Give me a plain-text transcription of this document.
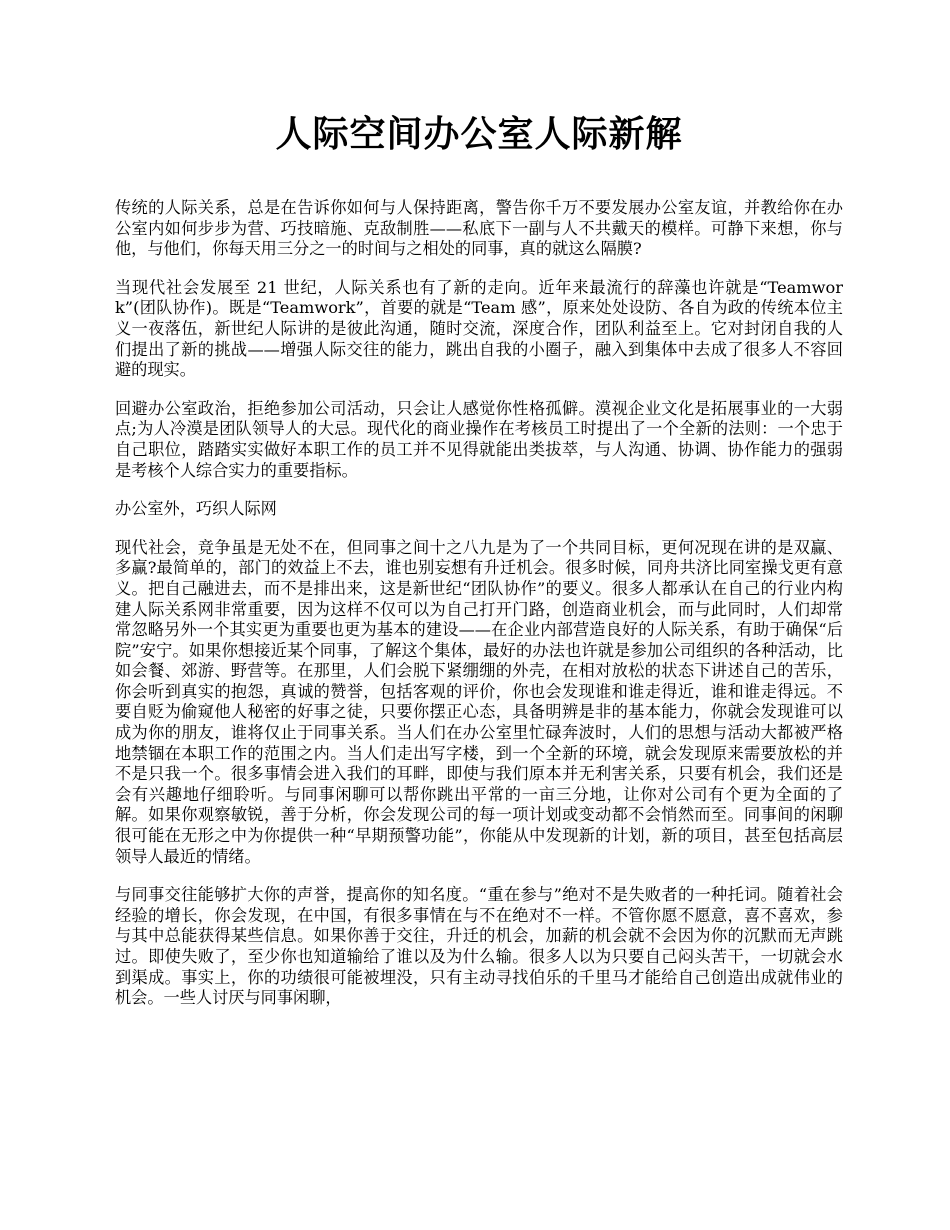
人际空间办公室人际新解

传统的人际关系，总是在告诉你如何与人保持距离，警告你千万不要发展办公室友谊，并教给你在办公室内如何步步为营、巧技暗施、克敌制胜——私底下一副与人不共戴天的模样。可静下来想，你与他，与他们，你每天用三分之一的时间与之相处的同事，真的就这么隔膜?

当现代社会发展至 21 世纪，人际关系也有了新的走向。近年来最流行的辞藻也许就是“Teamwork”(团队协作)。既是“Teamwork”，首要的就是“Team 感”，原来处处设防、各自为政的传统本位主义一夜落伍，新世纪人际讲的是彼此沟通，随时交流，深度合作，团队利益至上。它对封闭自我的人们提出了新的挑战——增强人际交往的能力，跳出自我的小圈子，融入到集体中去成了很多人不容回避的现实。

回避办公室政治，拒绝参加公司活动，只会让人感觉你性格孤僻。漠视企业文化是拓展事业的一大弱点;为人冷漠是团队领导人的大忌。现代化的商业操作在考核员工时提出了一个全新的法则：一个忠于自己职位，踏踏实实做好本职工作的员工并不见得就能出类拔萃，与人沟通、协调、协作能力的强弱是考核个人综合实力的重要指标。

办公室外，巧织人际网

现代社会，竞争虽是无处不在，但同事之间十之八九是为了一个共同目标，更何况现在讲的是双赢、多赢?最简单的，部门的效益上不去，谁也别妄想有升迁机会。很多时候，同舟共济比同室操戈更有意义。把自己融进去，而不是排出来，这是新世纪“团队协作”的要义。很多人都承认在自己的行业内构建人际关系网非常重要，因为这样不仅可以为自己打开门路，创造商业机会，而与此同时，人们却常常忽略另外一个其实更为重要也更为基本的建设——在企业内部营造良好的人际关系，有助于确保“后院”安宁。如果你想接近某个同事，了解这个集体，最好的办法也许就是参加公司组织的各种活动，比如会餐、郊游、野营等。在那里，人们会脱下紧绷绷的外壳，在相对放松的状态下讲述自己的苦乐，你会听到真实的抱怨，真诚的赞誉，包括客观的评价，你也会发现谁和谁走得近，谁和谁走得远。不要自贬为偷窥他人秘密的好事之徒，只要你摆正心态，具备明辨是非的基本能力，你就会发现谁可以成为你的朋友，谁将仅止于同事关系。当人们在办公室里忙碌奔波时，人们的思想与活动大都被严格地禁锢在本职工作的范围之内。当人们走出写字楼，到一个全新的环境，就会发现原来需要放松的并不是只我一个。很多事情会进入我们的耳畔，即使与我们原本并无利害关系，只要有机会，我们还是会有兴趣地仔细聆听。与同事闲聊可以帮你跳出平常的一亩三分地，让你对公司有个更为全面的了解。如果你观察敏锐，善于分析，你会发现公司的每一项计划或变动都不会悄然而至。同事间的闲聊很可能在无形之中为你提供一种“早期预警功能”，你能从中发现新的计划，新的项目，甚至包括高层领导人最近的情绪。

与同事交往能够扩大你的声誉，提高你的知名度。“重在参与”绝对不是失败者的一种托词。随着社会经验的增长，你会发现，在中国，有很多事情在与不在绝对不一样。不管你愿不愿意，喜不喜欢，参与其中总能获得某些信息。如果你善于交往，升迁的机会，加薪的机会就不会因为你的沉默而无声跳过。即使失败了，至少你也知道输给了谁以及为什么输。很多人以为只要自己闷头苦干，一切就会水到渠成。事实上，你的功绩很可能被埋没，只有主动寻找伯乐的千里马才能给自己创造出成就伟业的机会。一些人讨厌与同事闲聊，
